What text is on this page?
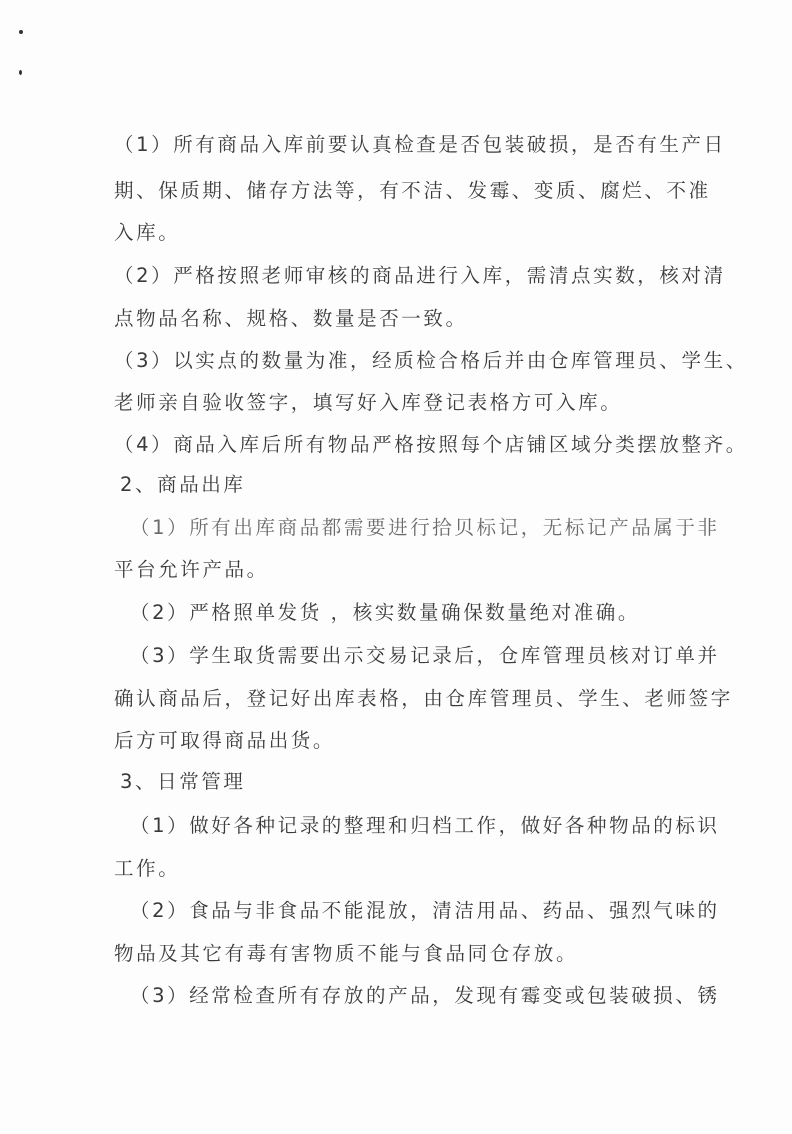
（1）所有商品入库前要认真检查是否包装破损，是否有生产日
期、保质期、储存方法等，有不洁、发霉、变质、腐烂、不准
入库。
（2）严格按照老师审核的商品进行入库，需清点实数，核对清
点物品名称、规格、数量是否一致。
（3）以实点的数量为准，经质检合格后并由仓库管理员、学生、
老师亲自验收签字，填写好入库登记表格方可入库。
（4）商品入库后所有物品严格按照每个店铺区域分类摆放整齐。
2、商品出库
（1）所有出库商品都需要进行拾贝标记，无标记产品属于非
平台允许产品。
（2）严格照单发货 ，核实数量确保数量绝对准确。
（3）学生取货需要出示交易记录后，仓库管理员核对订单并
确认商品后，登记好出库表格，由仓库管理员、学生、老师签字
后方可取得商品出货。
3、日常管理
（1）做好各种记录的整理和归档工作，做好各种物品的标识
工作。
（2）食品与非食品不能混放，清洁用品、药品、强烈气味的
物品及其它有毒有害物质不能与食品同仓存放。
（3）经常检查所有存放的产品，发现有霉变或包装破损、锈
